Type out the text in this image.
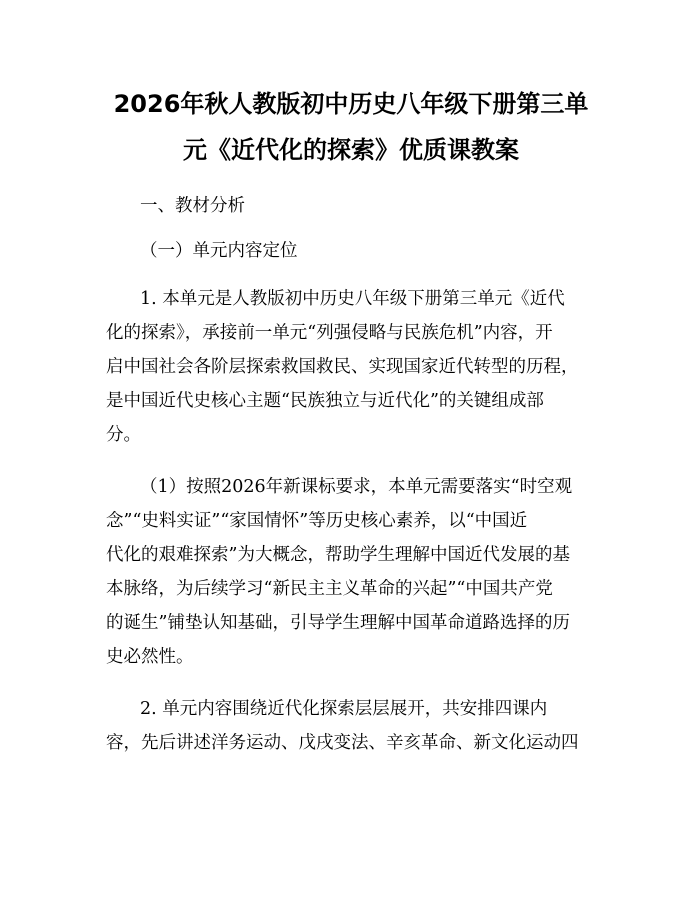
2026年秋人教版初中历史八年级下册第三单
元《近代化的探索》优质课教案
一、教材分析
（一）单元内容定位
1. 本单元是人教版初中历史八年级下册第三单元《近代
化的探索》，承接前一单元“列强侵略与民族危机”内容，开
启中国社会各阶层探索救国救民、实现国家近代转型的历程，
是中国近代史核心主题“民族独立与近代化”的关键组成部
分。
（1）按照2026年新课标要求，本单元需要落实“时空观
念”“史料实证”“家国情怀”等历史核心素养，以“中国近
代化的艰难探索”为大概念，帮助学生理解中国近代发展的基
本脉络，为后续学习“新民主主义革命的兴起”“中国共产党
的诞生”铺垫认知基础，引导学生理解中国革命道路选择的历
史必然性。
2. 单元内容围绕近代化探索层层展开，共安排四课内
容，先后讲述洋务运动、戊戌变法、辛亥革命、新文化运动四
